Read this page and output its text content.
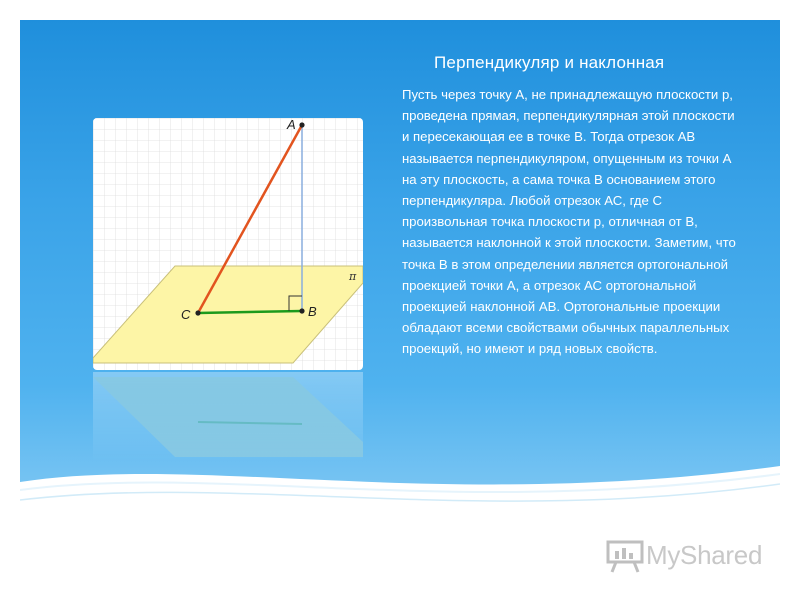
Перпендикуляр и наклонная
Пусть через точку А, не принадлежащую плоскости р, проведена прямая, перпендикулярная этой плоскости и пересекающая ее в точке В. Тогда отрезок АВ называется перпендикуляром, опущенным из точки А на эту плоскость, а сама точка В основанием этого перпендикуляра. Любой отрезок АС, где С произвольная точка плоскости р, отличная от В, называется наклонной к этой плоскости. Заметим, что точка В в этом определении является ортогональной проекцией точки А, а отрезок АС ортогональной проекцией наклонной АВ. Ортогональные проекции обладают всеми свойствами обычных параллельных проекций, но имеют и ряд новых свойств.
A
B
C
π
MyShared
